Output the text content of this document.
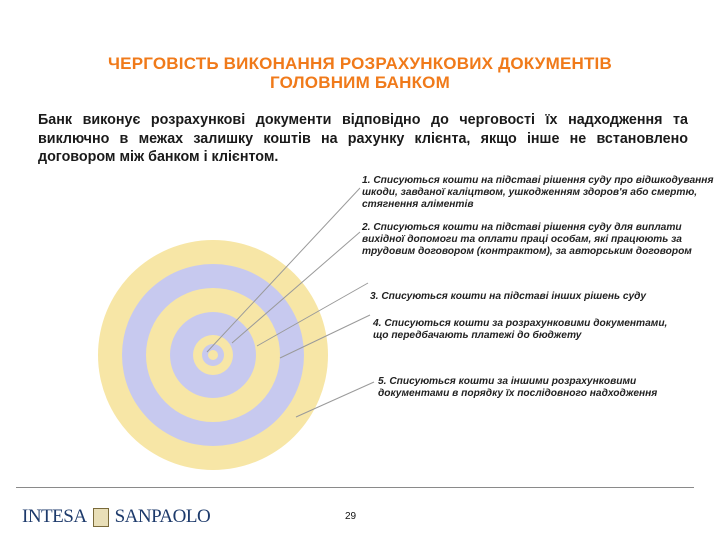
ЧЕРГОВІСТЬ ВИКОНАННЯ РОЗРАХУНКОВИХ ДОКУМЕНТІВ
ГОЛОВНИМ БАНКОМ
Банк виконує розрахункові документи відповідно до черговості їх надходження та виключно в межах залишку коштів на рахунку клієнта, якщо інше не встановлено договором між банком і клієнтом.
1. Списуються кошти на підставі рішення суду про відшкодування шкоди, завданої каліцтвом, ушкодженням здоров'я або смертю, стягнення аліментів
2. Списуються кошти на підставі рішення суду для виплати вихідної допомоги та оплати праці особам, які працюють за трудовим договором (контрактом), за авторським договором
3. Списуються кошти на підставі інших рішень суду
4. Списуються кошти за розрахунковими документами, що передбачають платежі до бюджету
5. Списуються кошти за іншими розрахунковими документами в порядку їх послідовного надходження
INTESA SANPAOLO	29
